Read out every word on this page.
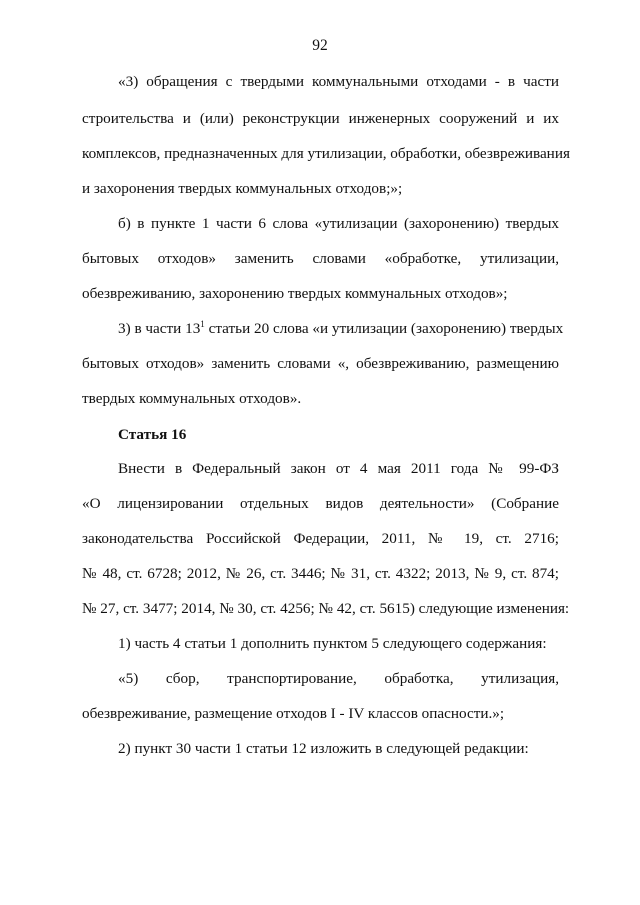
92
«3) обращения с твердыми коммунальными отходами - в части
строительства и (или) реконструкции инженерных сооружений и их
комплексов, предназначенных для утилизации, обработки, обезвреживания
и захоронения твердых коммунальных отходов;»;
б) в пункте 1 части 6 слова «утилизации (захоронению) твердых
бытовых отходов» заменить словами «обработке, утилизации,
обезвреживанию, захоронению твердых коммунальных отходов»;
3) в части $13^1$ статьи 20 слова «и утилизации (захоронению) твердых
бытовых отходов» заменить словами «, обезвреживанию, размещению
твердых коммунальных отходов».
Статья 16
Внести в Федеральный закон от 4 мая 2011 года № 99-ФЗ
«О лицензировании отдельных видов деятельности» (Собрание
законодательства Российской Федерации, 2011, № 19, ст. 2716;
№ 48, ст. 6728; 2012, № 26, ст. 3446; № 31, ст. 4322; 2013, № 9, ст. 874;
№ 27, ст. 3477; 2014, № 30, ст. 4256; № 42, ст. 5615) следующие изменения:
1) часть 4 статьи 1 дополнить пунктом 5 следующего содержания:
«5) сбор, транспортирование, обработка, утилизация,
обезвреживание, размещение отходов I - IV классов опасности.»;
2) пункт 30 части 1 статьи 12 изложить в следующей редакции:
